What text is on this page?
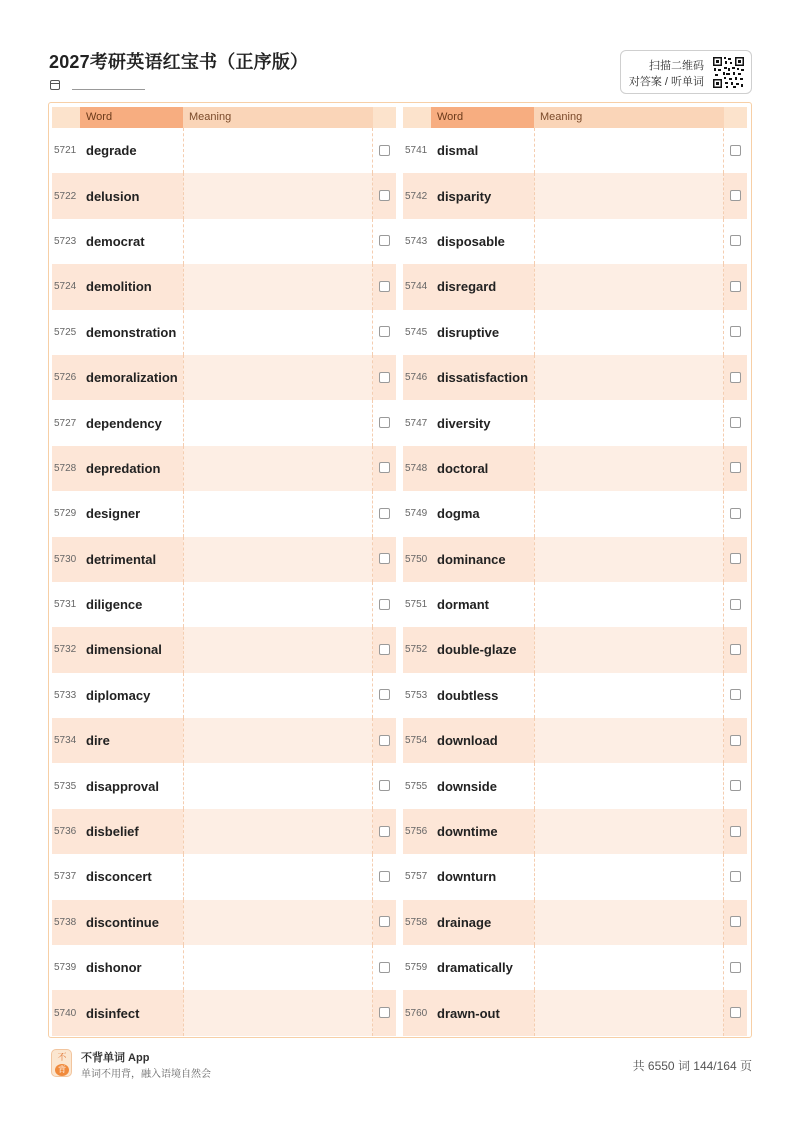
2027考研英语红宝书（正序版）	扫描二维码
对答案 / 听单词
Word	Meaning
5721 degrade
5722 delusion
5723 democrat
5724 demolition
5725 demonstration
5726 demoralization
5727 dependency
5728 depredation
5729 designer
5730 detrimental
5731 diligence
5732 dimensional
5733 diplomacy
5734 dire
5735 disapproval
5736 disbelief
5737 disconcert
5738 discontinue
5739 dishonor
5740 disinfect
Word	Meaning
5741 dismal
5742 disparity
5743 disposable
5744 disregard
5745 disruptive
5746 dissatisfaction
5747 diversity
5748 doctoral
5749 dogma
5750 dominance
5751 dormant
5752 double-glaze
5753 doubtless
5754 download
5755 downside
5756 downtime
5757 downturn
5758 drainage
5759 dramatically
5760 drawn-out
不
背
不背单词 App
单词不用背，融入语境自然会
共 6550 词 144/164 页
